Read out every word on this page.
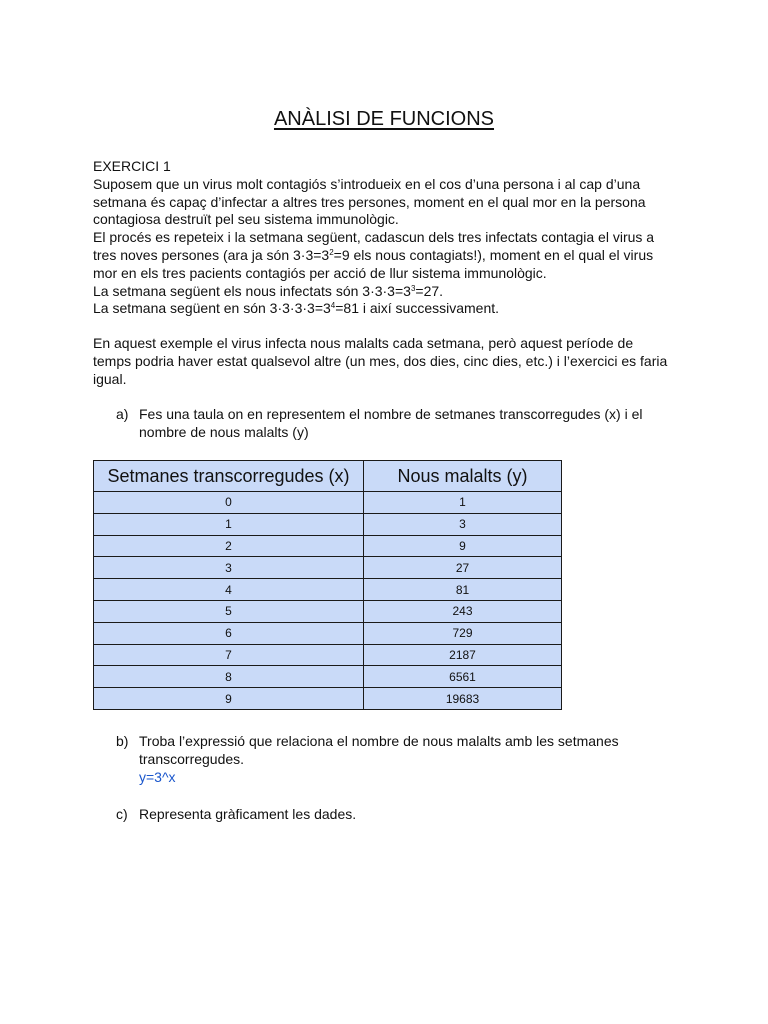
ANÀLISI DE FUNCIONS

EXERCICI 1

Suposem que un virus molt contagiós s’introdueix en el cos d’una persona i al cap d’una

setmana és capaç d’infectar a altres tres persones, moment en el qual mor en la persona

contagiosa destruït pel seu sistema immunològic.

El procés es repeteix i la setmana següent, cadascun dels tres infectats contagia el virus a

tres noves persones (ara ja són $3\cdot 3=3^2=9$ els nous contagiats!), moment en el qual el virus

mor en els tres pacients contagiós per acció de llur sistema immunològic.

La setmana següent els nous infectats són $3\cdot 3\cdot 3=3^3=27$.

La setmana següent en són $3\cdot 3\cdot 3\cdot 3=3^4=81$ i així successivament.

En aquest exemple el virus infecta nous malalts cada setmana, però aquest període de

temps podria haver estat qualsevol altre (un mes, dos dies, cinc dies, etc.) i l’exercici es faria

igual.

a) Fes una taula on en representem el nombre de setmanes transcorregudes (x) i el
nombre de nous malalts (y)
Setmanes transcorregudes (x)	Nous malalts (y)
0	1
1	3
2	9
3	27
4	81
5	243
6	729
7	2187
8	6561
9	19683
b) Troba l’expressió que relaciona el nombre de nous malalts amb les setmanes
transcorregudes.
y=3^x
c) Representa gràficament les dades.
